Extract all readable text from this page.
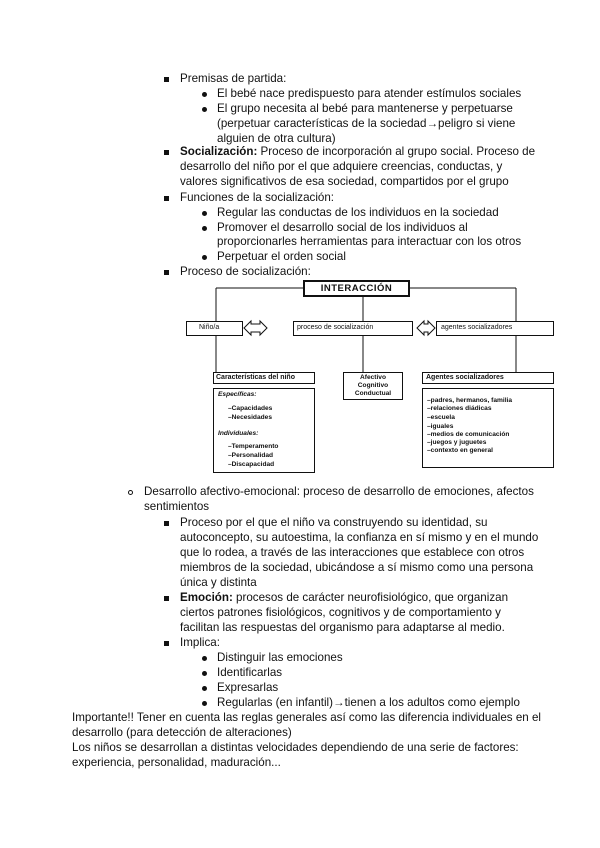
Premisas de partida:
El bebé nace predispuesto para atender estímulos sociales
El grupo necesita al bebé para mantenerse y perpetuarse
(perpetuar características de la sociedad→peligro si viene
alguien de otra cultura)
Socialización: Proceso de incorporación al grupo social. Proceso de
desarrollo del niño por el que adquiere creencias, conductas, y
valores significativos de esa sociedad, compartidos por el grupo
Funciones de la socialización:
Regular las conductas de los individuos en la sociedad
Promover el desarrollo social de los individuos al
proporcionarles herramientas para interactuar con los otros
Perpetuar el orden social
Proceso de socialización:
INTERACCIÓN
Niño/a	proceso de socialización	agentes socializadores
Características del niño
Específicas:
–Capacidades
–Necesidades
Individuales:
–Temperamento
–Personalidad
–Discapacidad
Afectivo
Cognitivo
Conductual
Agentes socializadores
–padres, hermanos, familia
–relaciones diádicas
–escuela
–iguales
–medios de comunicación
–juegos y juguetes
–contexto en general
Desarrollo afectivo-emocional: proceso de desarrollo de emociones, afectos
sentimientos
Proceso por el que el niño va construyendo su identidad, su
autoconcepto, su autoestima, la confianza en sí mismo y en el mundo
que lo rodea, a través de las interacciones que establece con otros
miembros de la sociedad, ubicándose a sí mismo como una persona
única y distinta
Emoción: procesos de carácter neurofisiológico, que organizan
ciertos patrones fisiológicos, cognitivos y de comportamiento y
facilitan las respuestas del organismo para adaptarse al medio.
Implica:
Distinguir las emociones
Identificarlas
Expresarlas
Regularlas (en infantil)→tienen a los adultos como ejemplo
Importante!! Tener en cuenta las reglas generales así como las diferencia individuales en el
desarrollo (para detección de alteraciones)
Los niños se desarrollan a distintas velocidades dependiendo de una serie de factores:
experiencia, personalidad, maduración...
